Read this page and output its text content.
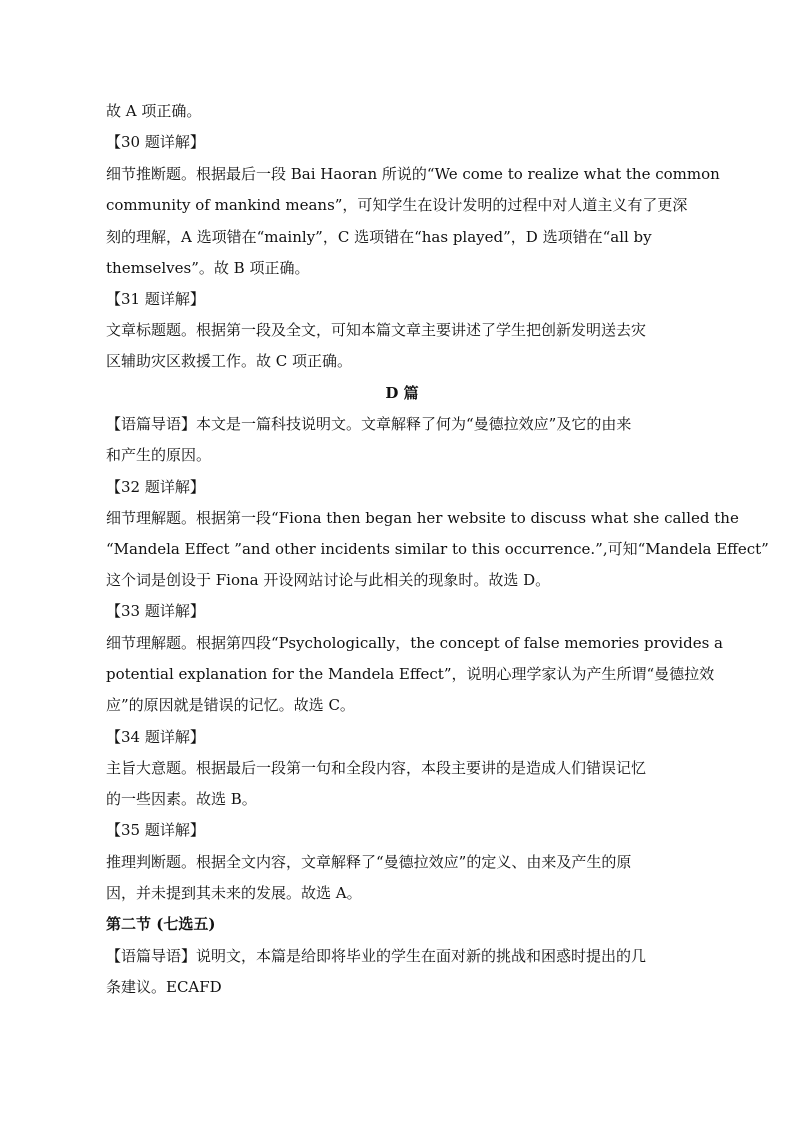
故 A 项正确。
【30 题详解】
细节推断题。根据最后一段 Bai Haoran 所说的“We come to realize what the common
community of mankind means”，可知学生在设计发明的过程中对人道主义有了更深
刻的理解，A 选项错在“mainly”，C 选项错在“has played”，D 选项错在“all by
themselves”。故 B 项正确。
【31 题详解】
文章标题题。根据第一段及全文，可知本篇文章主要讲述了学生把创新发明送去灾
区辅助灾区救援工作。故 C 项正确。
D 篇
【语篇导语】本文是一篇科技说明文。文章解释了何为“曼德拉效应”及它的由来
和产生的原因。
【32 题详解】
细节理解题。根据第一段“Fiona then began her website to discuss what she called the
“Mandela Effect ”and other incidents similar to this occurrence.”,可知“Mandela Effect”
这个词是创设于 Fiona 开设网站讨论与此相关的现象时。故选 D。
【33 题详解】
细节理解题。根据第四段“Psychologically，the concept of false memories provides a
potential explanation for the Mandela Effect”，说明心理学家认为产生所谓“曼德拉效
应”的原因就是错误的记忆。故选 C。
【34 题详解】
主旨大意题。根据最后一段第一句和全段内容，本段主要讲的是造成人们错误记忆
的一些因素。故选 B。
【35 题详解】
推理判断题。根据全文内容，文章解释了“曼德拉效应”的定义、由来及产生的原
因，并未提到其未来的发展。故选 A。
第二节 (七选五)
【语篇导语】说明文，本篇是给即将毕业的学生在面对新的挑战和困惑时提出的几
条建议。ECAFD
